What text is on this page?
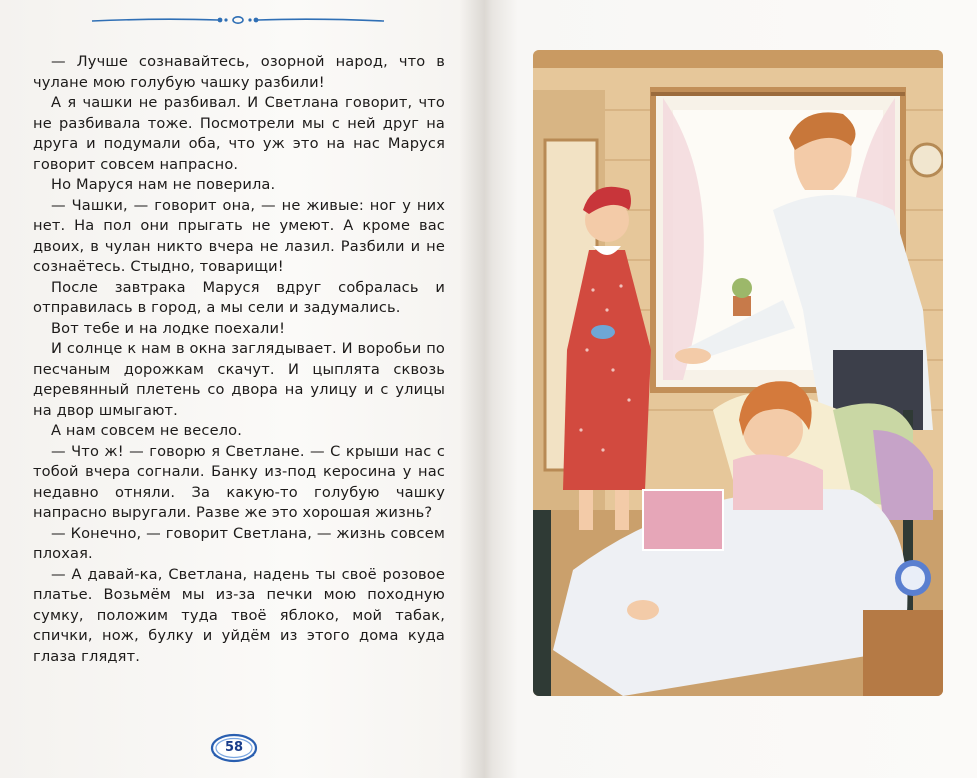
— Лучше сознавайтесь, озорной народ, что в чулане мою голубую чашку разбили!

А я чашки не разбивал. И Светлана говорит, что не разбивала тоже. Посмотрели мы с ней друг на друга и подумали оба, что уж это на нас Маруся говорит совсем напрасно.

Но Маруся нам не поверила.

— Чашки, — говорит она, — не живые: ног у них нет. На пол они прыгать не умеют. А кроме вас двоих, в чулан никто вчера не лазил. Разбили и не сознаётесь. Стыдно, товарищи!

После завтрака Маруся вдруг собралась и отправилась в город, а мы сели и задумались.

Вот тебе и на лодке поехали!

И солнце к нам в окна заглядывает. И воробьи по песчаным дорожкам скачут. И цыплята сквозь деревянный плетень со двора на улицу и с улицы на двор шмыгают.

А нам совсем не весело.

— Что ж! — говорю я Светлане. — С крыши нас с тобой вчера согнали. Банку из-под керосина у нас недавно отняли. За какую-то голубую чашку напрасно выругали. Разве же это хорошая жизнь?

— Конечно, — говорит Светлана, — жизнь совсем плохая.

— А давай-ка, Светлана, надень ты своё розовое платье. Возьмём мы из-за печки мою походную сумку, положим туда твоё яблоко, мой табак, спички, нож, булку и уйдём из этого дома куда глаза глядят.

58
